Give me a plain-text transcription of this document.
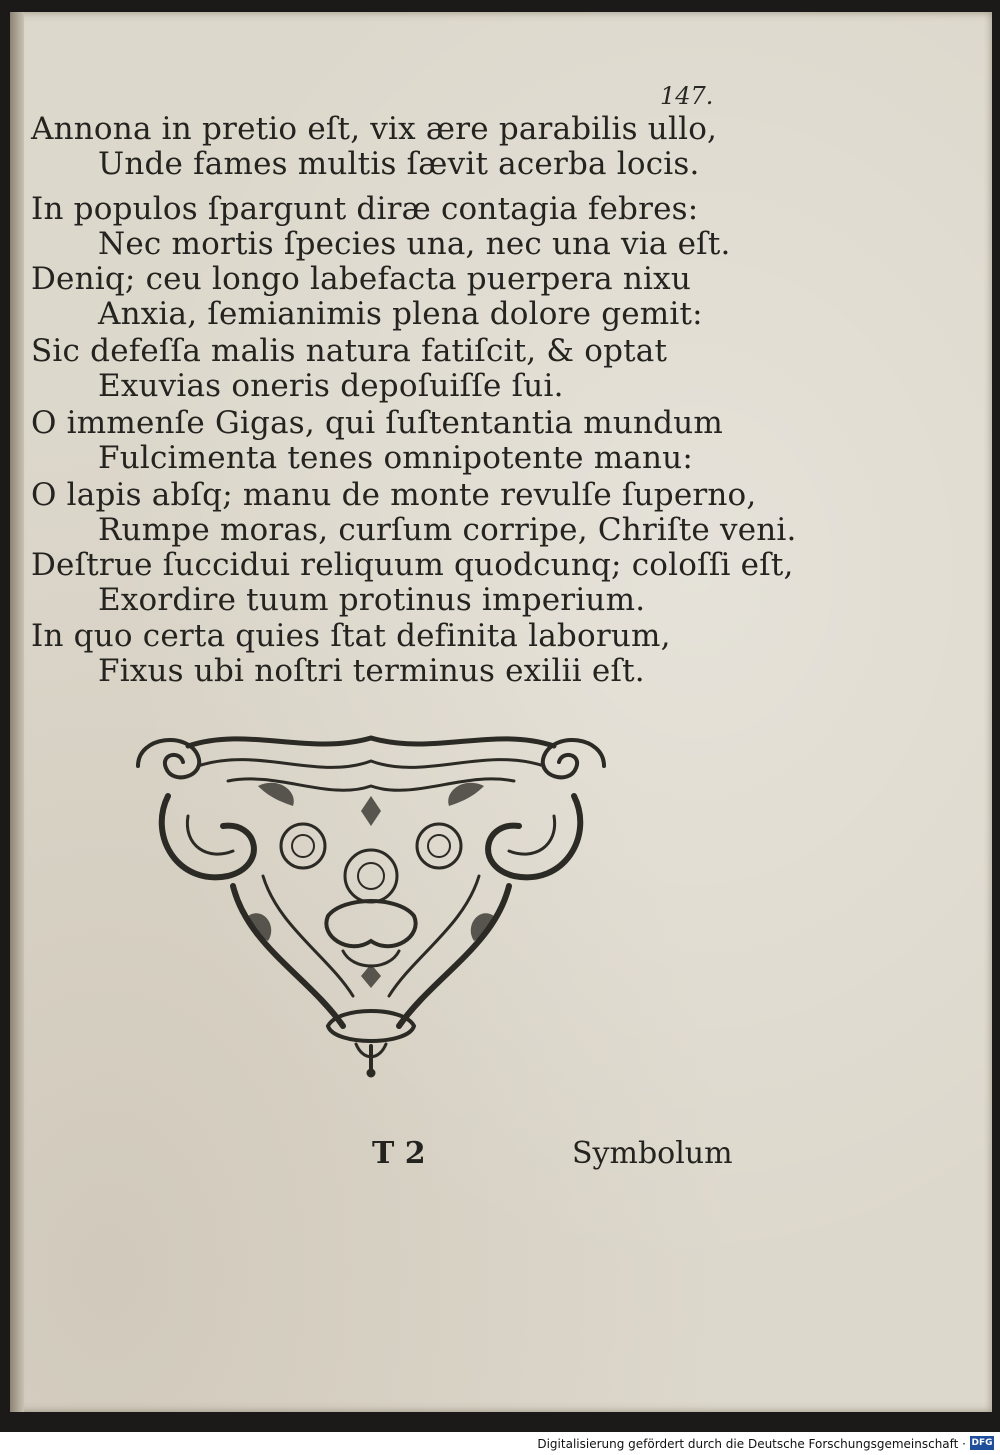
147.
Annona in pretio eſt, vix ære parabilis ullo,
Unde fames multis ſævit acerba locis.
In populos ſpargunt diræ contagia febres:
Nec mortis ſpecies una, nec una via eſt.
Deniq; ceu longo labefacta puerpera nixu
Anxia, ſemianimis plena dolore gemit:
Sic defeſſa malis natura fatiſcit, & optat
Exuvias oneris depoſuiſſe ſui.
O immenſe Gigas, qui ſuſtentantia mundum
Fulcimenta tenes omnipotente manu:
O lapis abſq; manu de monte revulſe ſuperno,
Rumpe moras, curſum corripe, Chriſte veni.
Deſtrue ſuccidui reliquum quodcunq; coloſſi eſt,
Exordire tuum protinus imperium.
In quo certa quies ſtat definita laborum,
Fixus ubi noſtri terminus exilii eſt.
T 2	Symbolum
Digitalisierung gefördert durch die Deutsche Forschungsgemeinschaft · DFG
